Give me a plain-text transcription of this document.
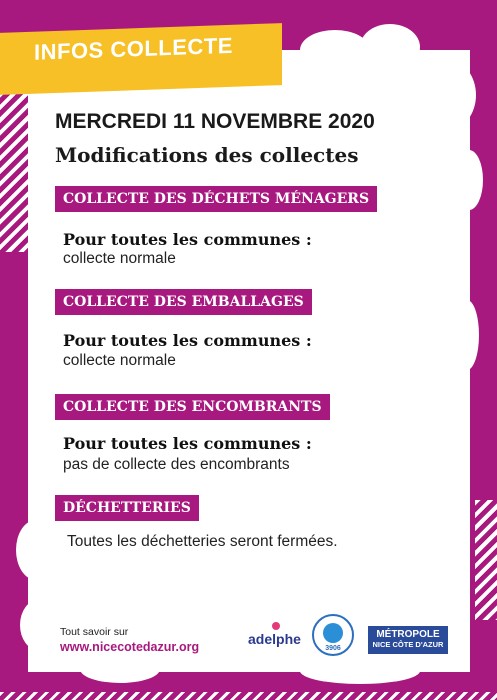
INFOS COLLECTE
MERCREDI 11 NOVEMBRE 2020
Modifications des collectes
COLLECTE DES DÉCHETS MÉNAGERS
Pour toutes les communes :
collecte normale
COLLECTE DES EMBALLAGES
Pour toutes les communes :
collecte normale
COLLECTE DES ENCOMBRANTS
Pour toutes les communes :
pas de collecte des encombrants
DÉCHETTERIES
Toutes les déchetteries seront fermées.
Tout savoir sur
www.nicecotedazur.org	adelphe
3906
MÉTROPOLE
NICE CÔTE D'AZUR
